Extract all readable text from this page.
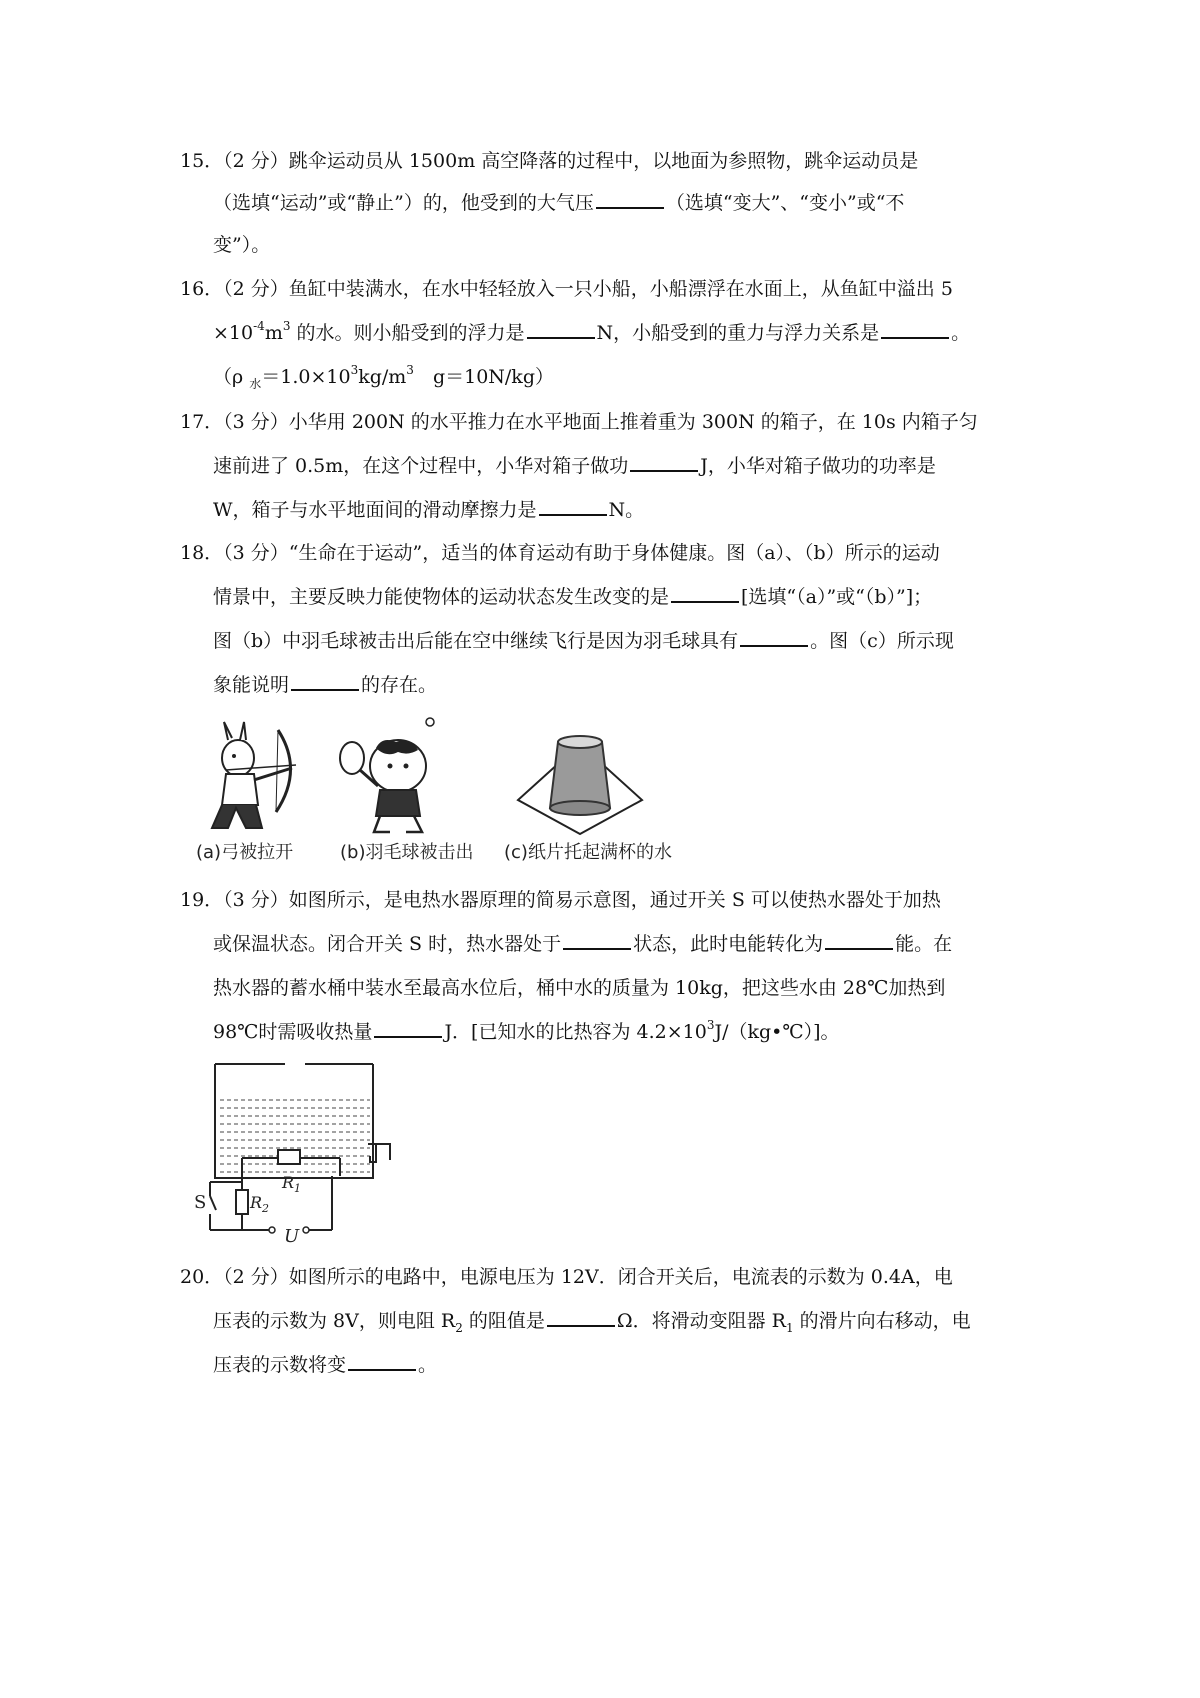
15．（2 分）跳伞运动员从 1500m 高空降落的过程中，以地面为参照物，跳伞运动员是
（选填“运动”或“静止”）的，他受到的大气压	（选填“变大”、“变小”或“不
变”）。
16．（2 分）鱼缸中装满水，在水中轻轻放入一只小船，小船漂浮在水面上，从鱼缸中溢出 5
$\times 10^{-4}m^3$ 的水。则小船受到的浮力是	N，小船受到的重力与浮力关系是	。
（ρ $_水=1.0\times 10^3kg/m^3$　g＝10N/kg）
17．（3 分）小华用 200N 的水平推力在水平地面上推着重为 300N 的箱子，在 10s 内箱子匀
速前进了 0.5m，在这个过程中，小华对箱子做功	J，小华对箱子做功的功率是
W，箱子与水平地面间的滑动摩擦力是	N。
18．（3 分）“生命在于运动”，适当的体育运动有助于身体健康。图（a）、（b）所示的运动
情景中，主要反映力能使物体的运动状态发生改变的是	[选填“（a）”或“（b）”]；
图（b）中羽毛球被击出后能在空中继续飞行是因为羽毛球具有	。图（c）所示现
象能说明	的存在。
(a)弓被拉开	(b)羽毛球被击出 (c)纸片托起满杯的水
19．（3 分）如图所示，是电热水器原理的简易示意图，通过开关 S 可以使热水器处于加热
或保温状态。闭合开关 S 时，热水器处于	状态，此时电能转化为	能。在
热水器的蓄水桶中装水至最高水位后，桶中水的质量为 10kg，把这些水由 28℃加热到
98℃时需吸收热量	J．[已知水的比热容为 $4.2\times 10^3J/(kg•℃)$]。
$R_1$
$R_2$
S
U
20．（2 分）如图所示的电路中，电源电压为 12V．闭合开关后，电流表的示数为 0.4A，电
压表的示数为 8V，则电阻 $R_2$ 的阻值是	Ω．将滑动变阻器 $R_1$ 的滑片向右移动，电
压表的示数将变	。
